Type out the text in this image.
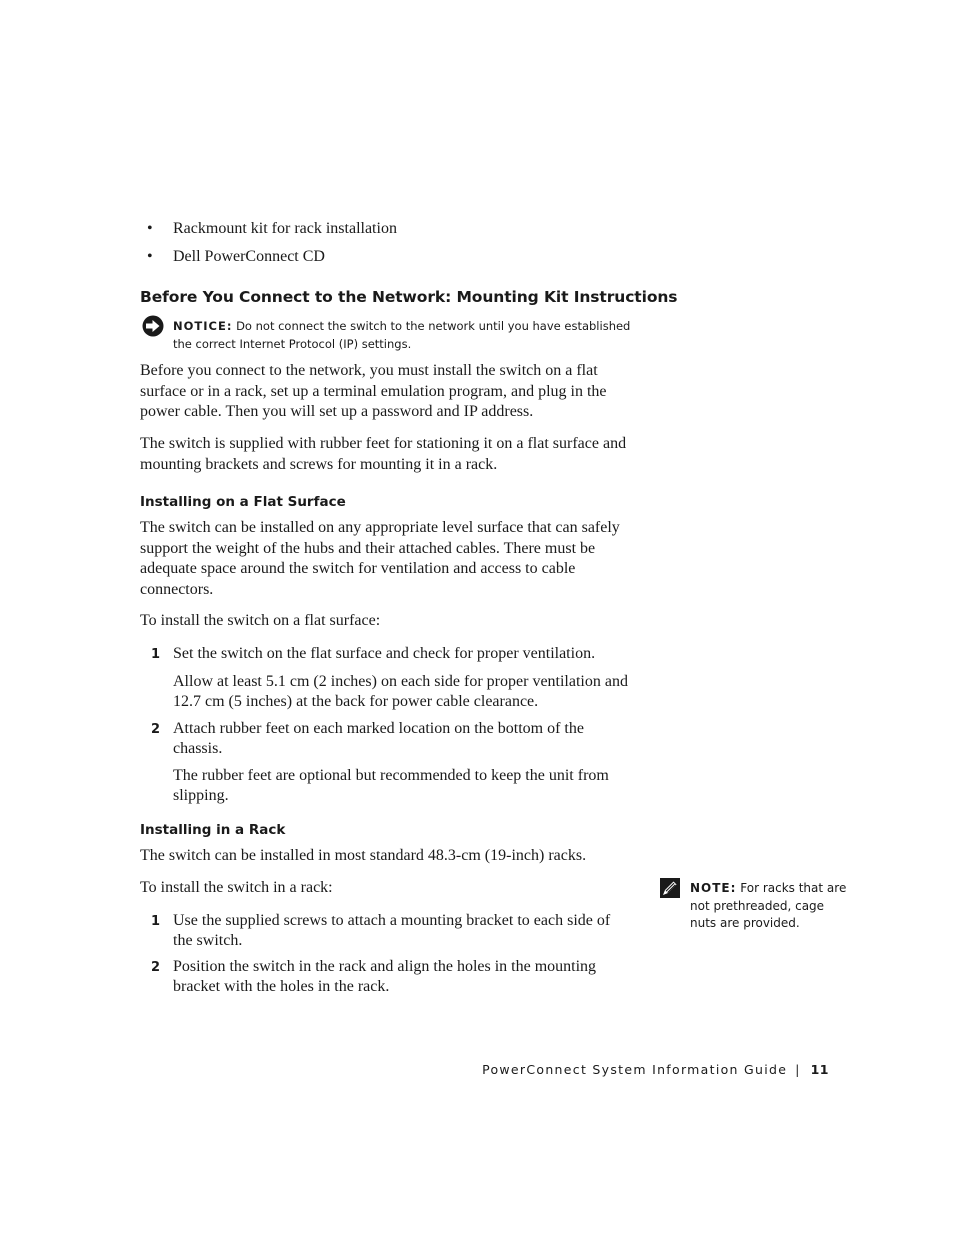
• Rackmount kit for rack installation
• Dell PowerConnect CD
Before You Connect to the Network: Mounting Kit Instructions
NOTICE: Do not connect the switch to the network until you have established the correct Internet Protocol (IP) settings.
Before you connect to the network, you must install the switch on a flat surface or in a rack, set up a terminal emulation program, and plug in the power cable. Then you will set up a password and IP address.
The switch is supplied with rubber feet for stationing it on a flat surface and mounting brackets and screws for mounting it in a rack.
Installing on a Flat Surface
The switch can be installed on any appropriate level surface that can safely support the weight of the hubs and their attached cables. There must be adequate space around the switch for ventilation and access to cable connectors.
To install the switch on a flat surface:
1 Set the switch on the flat surface and check for proper ventilation.
Allow at least 5.1 cm (2 inches) on each side for proper ventilation and 12.7 cm (5 inches) at the back for power cable clearance.
2 Attach rubber feet on each marked location on the bottom of the chassis.
The rubber feet are optional but recommended to keep the unit from slipping.
Installing in a Rack
The switch can be installed in most standard 48.3-cm (19-inch) racks.
To install the switch in a rack:
1 Use the supplied screws to attach a mounting bracket to each side of the switch.
2 Position the switch in the rack and align the holes in the mounting bracket with the holes in the rack.
NOTE: For racks that are not prethreaded, cage nuts are provided.
PowerConnect System Information Guide | 11
